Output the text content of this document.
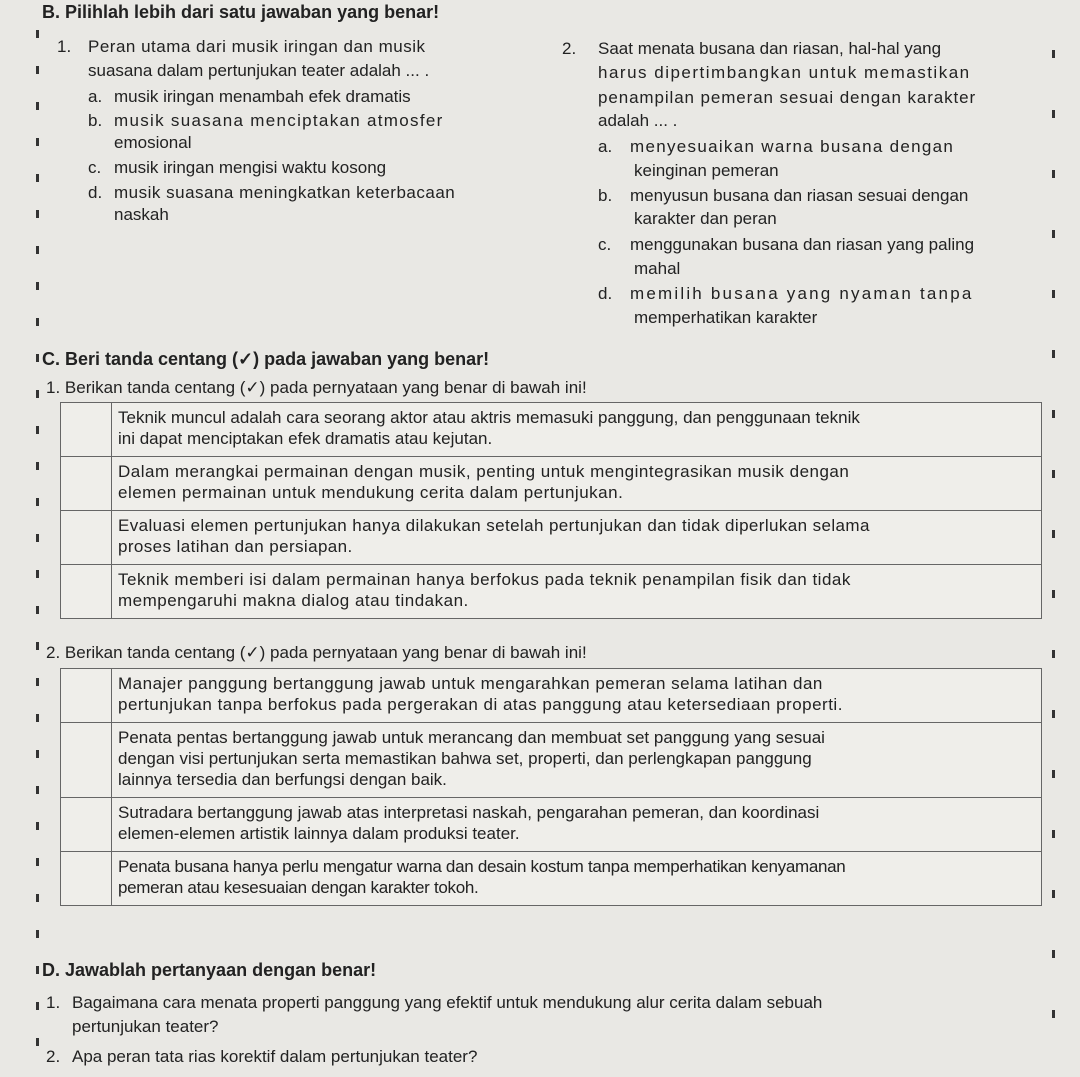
B. Pilihlah lebih dari satu jawaban yang benar!
1. Peran utama dari musik iringan dan musik
suasana dalam pertunjukan teater adalah ... .
a. musik iringan menambah efek dramatis
b. musik suasana menciptakan atmosfer
emosional
c. musik iringan mengisi waktu kosong
d. musik suasana meningkatkan keterbacaan
naskah
2. Saat menata busana dan riasan, hal-hal yang
harus dipertimbangkan untuk memastikan
penampilan pemeran sesuai dengan karakter
adalah ... .
a. menyesuaikan warna busana dengan
keinginan pemeran
b. menyusun busana dan riasan sesuai dengan
karakter dan peran
c. menggunakan busana dan riasan yang paling
mahal
d. memilih busana yang nyaman tanpa
memperhatikan karakter
C. Beri tanda centang (✓) pada jawaban yang benar!
1. Berikan tanda centang (✓) pada pernyataan yang benar di bawah ini!

	Teknik muncul adalah cara seorang aktor atau aktris memasuki panggung, dan penggunaan teknik
ini dapat menciptakan efek dramatis atau kejutan.

	Dalam merangkai permainan dengan musik, penting untuk mengintegrasikan musik dengan
elemen permainan untuk mendukung cerita dalam pertunjukan.

	Evaluasi elemen pertunjukan hanya dilakukan setelah pertunjukan dan tidak diperlukan selama
proses latihan dan persiapan.

	Teknik memberi isi dalam permainan hanya berfokus pada teknik penampilan fisik dan tidak
mempengaruhi makna dialog atau tindakan.
2. Berikan tanda centang (✓) pada pernyataan yang benar di bawah ini!

	Manajer panggung bertanggung jawab untuk mengarahkan pemeran selama latihan dan
pertunjukan tanpa berfokus pada pergerakan di atas panggung atau ketersediaan properti.

	Penata pentas bertanggung jawab untuk merancang dan membuat set panggung yang sesuai
dengan visi pertunjukan serta memastikan bahwa set, properti, dan perlengkapan panggung
lainnya tersedia dan berfungsi dengan baik.

	Sutradara bertanggung jawab atas interpretasi naskah, pengarahan pemeran, dan koordinasi
elemen-elemen artistik lainnya dalam produksi teater.

	Penata busana hanya perlu mengatur warna dan desain kostum tanpa memperhatikan kenyamanan
pemeran atau kesesuaian dengan karakter tokoh.
D. Jawablah pertanyaan dengan benar!
1. Bagaimana cara menata properti panggung yang efektif untuk mendukung alur cerita dalam sebuah
pertunjukan teater?
2. Apa peran tata rias korektif dalam pertunjukan teater?
